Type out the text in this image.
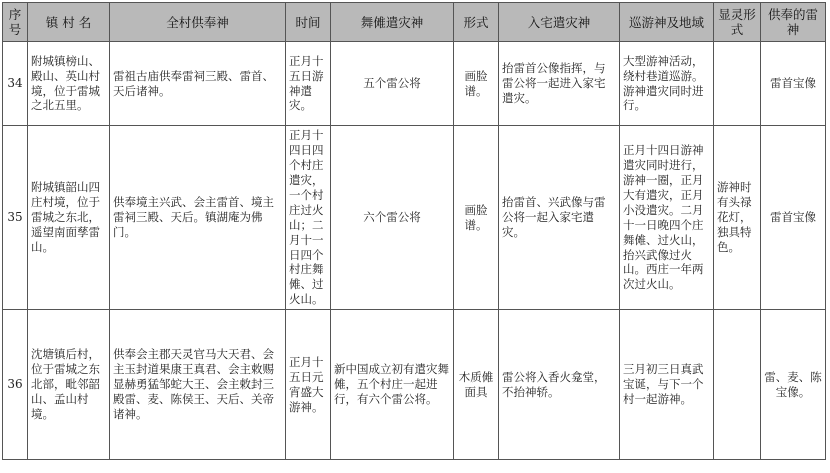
序号	镇 村 名	全村供奉神	时间	舞傩遣灾神	形式	入宅遣灾神	巡游神及地域	显灵形式	供奉的雷神
34	附城镇榜山、殿山、英山村境，位于雷城之北五里。	雷祖古庙供奉雷祠三殿、雷首、天后诸神。	正月十五日游神遣灾。	五个雷公将	画脸谱。	抬雷首公像指挥，与雷公将一起进入家宅遣灾。	大型游神活动，绕村巷道巡游。游神遣灾同时进行。		雷首宝像
35	附城镇韶山四庄村境，位于雷城之东北，遥望南面孳雷山。	供奉境主兴武、会主雷首、境主雷祠三殿、天后。镇湖庵为佛门。	正月十四日四个村庄遣灾，一个村庄过火山；二月十一日四个村庄舞傩、过火山。	六个雷公将	画脸谱。	抬雷首、兴武像与雷公将一起入家宅遣灾。	正月十四日游神遣灾同时进行，游神一圈，正月大有遣灾，正月小没遣灾。二月十一日晚四个庄舞傩、过火山，抬兴武像过火山。西庄一年两次过火山。	游神时有头禄花灯，独具特色。	雷首宝像
36	沈塘镇后村，位于雷城之东北部，毗邻韶山、孟山村境。	供奉会主郡天灵官马大天君、会主玉封道果康王真君、会主敕赐显赫勇猛邹蛇大王、会主敕封三殿雷、麦、陈侯王、天后、关帝诸神。	正月十五日元宵盛大游神。	新中国成立初有遣灾舞傩，五个村庄一起进行，有六个雷公将。	木质傩面具	雷公将入香火龛堂，不抬神轿。	三月初三日真武宝诞，与下一个村一起游神。		雷、麦、陈宝像。
